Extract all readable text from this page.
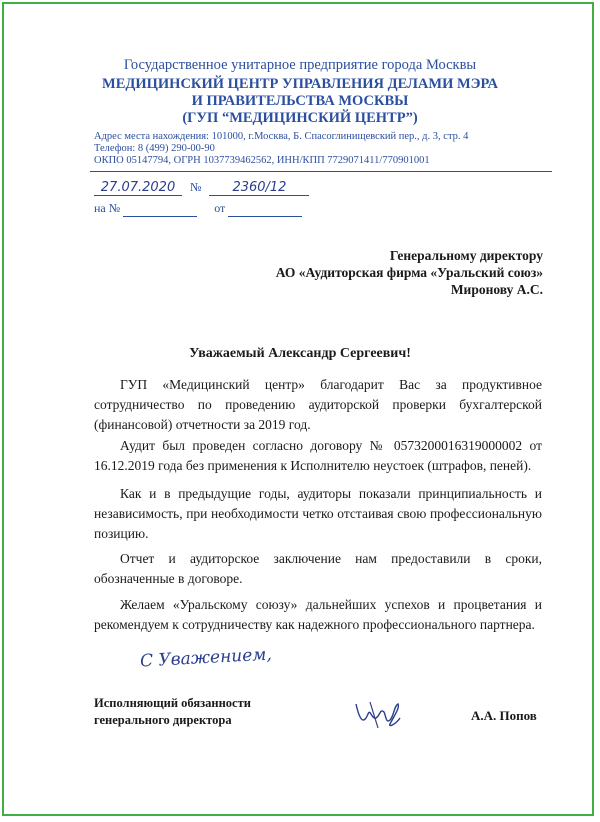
Государственное унитарное предприятие города Москвы
МЕДИЦИНСКИЙ ЦЕНТР УПРАВЛЕНИЯ ДЕЛАМИ МЭРА
И ПРАВИТЕЛЬСТВА МОСКВЫ
(ГУП “МЕДИЦИНСКИЙ ЦЕНТР”)
Адрес места нахождения: 101000, г.Москва, Б. Спасоглинищевский пер., д. 3, стр. 4
Телефон: 8 (499) 290-00-90
ОКПО 05147794, ОГРН 1037739462562, ИНН/КПП 7729071411/770901001
27.07.2020 № 2360/12
на №	от
Генеральному директору
АО «Аудиторская фирма «Уральский союз»
Миронову А.С.
Уважаемый Александр Сергеевич!

ГУП «Медицинский центр» благодарит Вас за продуктивное сотрудничество по проведению аудиторской проверки бухгалтерской (финансовой) отчетности за 2019 год.

Аудит был проведен согласно договору № 0573200016319000002 от 16.12.2019 года без применения к Исполнителю неустоек (штрафов, пеней).

Как и в предыдущие годы, аудиторы показали принципиальность и независимость, при необходимости четко отстаивая свою профессиональную позицию.

Отчет и аудиторское заключение нам предоставили в сроки, обозначенные в договоре.

Желаем «Уральскому союзу» дальнейших успехов и процветания и рекомендуем к сотрудничеству как надежного профессионального партнера.

С Уважением,
Исполняющий обязанности
генерального директора	А.А. Попов
